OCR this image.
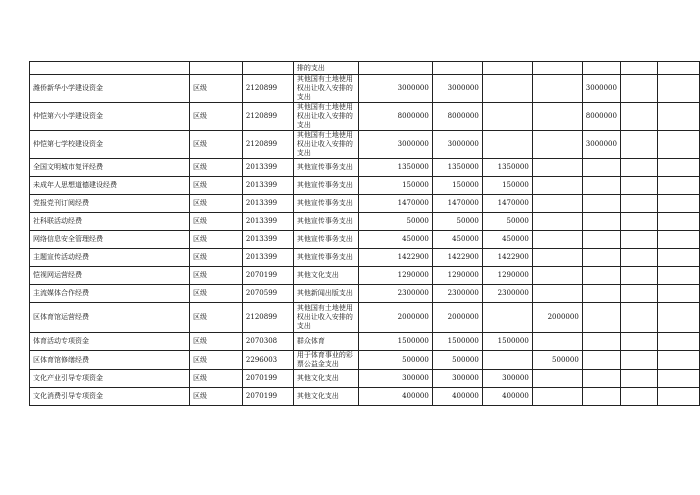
			排的支出							
潍侨新华小学建设资金	区级	2120899	其他国有土地使用权出让收入安排的支出	3000000	3000000			3000000		
仲恺第六小学建设资金	区级	2120899	其他国有土地使用权出让收入安排的支出	8000000	8000000			8000000		
仲恺第七学校建设资金	区级	2120899	其他国有土地使用权出让收入安排的支出	3000000	3000000			3000000		
全国文明城市复评经费	区级	2013399	其他宣传事务支出	1350000	1350000	1350000				
未成年人思想道德建设经费	区级	2013399	其他宣传事务支出	150000	150000	150000				
党报党刊订阅经费	区级	2013399	其他宣传事务支出	1470000	1470000	1470000				
社科联活动经费	区级	2013399	其他宣传事务支出	50000	50000	50000				
网络信息安全管理经费	区级	2013399	其他宣传事务支出	450000	450000	450000				
主题宣传活动经费	区级	2013399	其他宣传事务支出	1422900	1422900	1422900				
恺视网运营经费	区级	2070199	其他文化支出	1290000	1290000	1290000				
主流媒体合作经费	区级	2070599	其他新闻出版支出	2300000	2300000	2300000				
区体育馆运营经费	区级	2120899	其他国有土地使用权出让收入安排的支出	2000000	2000000		2000000			
体育活动专项资金	区级	2070308	群众体育	1500000	1500000	1500000				
区体育馆修缮经费	区级	2296003	用于体育事业的彩票公益金支出	500000	500000		500000			
文化产业引导专项资金	区级	2070199	其他文化支出	300000	300000	300000				
文化消费引导专项资金	区级	2070199	其他文化支出	400000	400000	400000				
